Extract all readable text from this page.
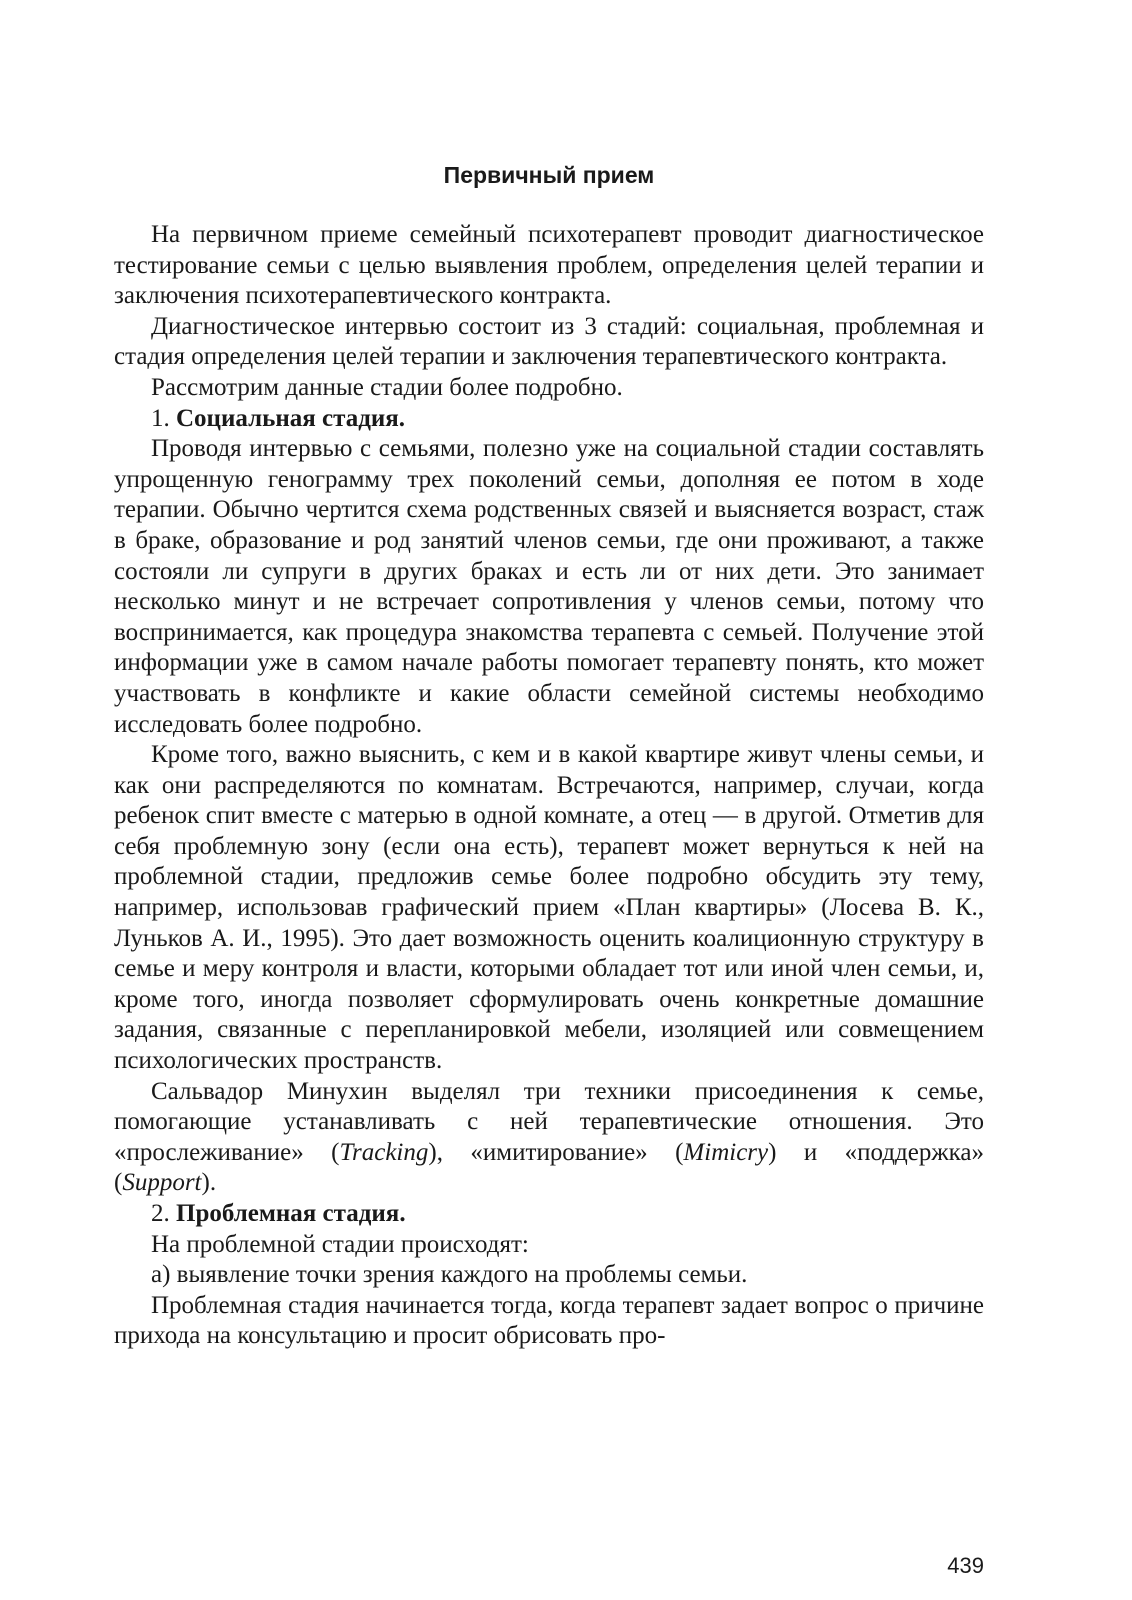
Первичный прием

На первичном приеме семейный психотерапевт проводит диагностическое тестирование семьи с целью выявления проблем, определения целей терапии и заключения психотерапевтического контракта.

Диагностическое интервью состоит из 3 стадий: социальная, проблемная и стадия определения целей терапии и заключения терапевтического контракта.

Рассмотрим данные стадии более подробно.

1. Социальная стадия.

Проводя интервью с семьями, полезно уже на социальной стадии составлять упрощенную генограмму трех поколений семьи, дополняя ее потом в ходе терапии. Обычно чертится схема родственных связей и выясняется возраст, стаж в браке, образование и род занятий членов семьи, где они проживают, а также состояли ли супруги в других браках и есть ли от них дети. Это занимает несколько минут и не встречает сопротивления у членов семьи, потому что воспринимается, как процедура знакомства терапевта с семьей. Получение этой информации уже в самом начале работы помогает терапевту понять, кто может участвовать в конфликте и какие области семейной системы необходимо исследовать более подробно.

Кроме того, важно выяснить, с кем и в какой квартире живут члены семьи, и как они распределяются по комнатам. Встречаются, например, случаи, когда ребенок спит вместе с матерью в одной комнате, а отец — в другой. Отметив для себя проблемную зону (если она есть), терапевт может вернуться к ней на проблемной стадии, предложив семье более подробно обсудить эту тему, например, использовав графический прием «План квартиры» (Лосева В. К., Луньков А. И., 1995). Это дает возможность оценить коалиционную структуру в семье и меру контроля и власти, которыми обладает тот или иной член семьи, и, кроме того, иногда позволяет сформулировать очень конкретные домашние задания, связанные с перепланировкой мебели, изоляцией или совмещением психологических пространств.

Сальвадор Минухин выделял три техники присоединения к семье, помогающие устанавливать с ней терапевтические отношения. Это «прослеживание» (Tracking), «имитирование» (Mimicry) и «поддержка» (Support).

2. Проблемная стадия.

На проблемной стадии происходят:

а) выявление точки зрения каждого на проблемы семьи.

Проблемная стадия начинается тогда, когда терапевт задает вопрос о причине прихода на консультацию и просит обрисовать про-

439
